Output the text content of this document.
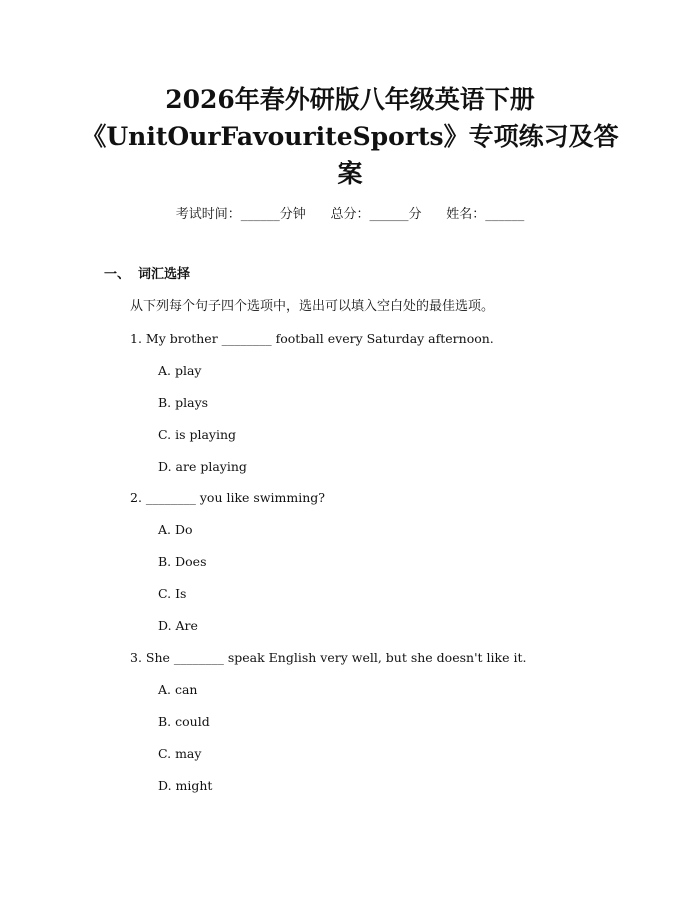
2026年春外研版八年级英语下册
《UnitOurFavouriteSports》专项练习及答
案
考试时间：______分钟      总分：______分      姓名：______
一、 词汇选择
从下列每个句子四个选项中，选出可以填入空白处的最佳选项。
1. My brother ________ football every Saturday afternoon.
A. play
B. plays
C. is playing
D. are playing
2. ________ you like swimming?
A. Do
B. Does
C. Is
D. Are
3. She ________ speak English very well, but she doesn't like it.
A. can
B. could
C. may
D. might
